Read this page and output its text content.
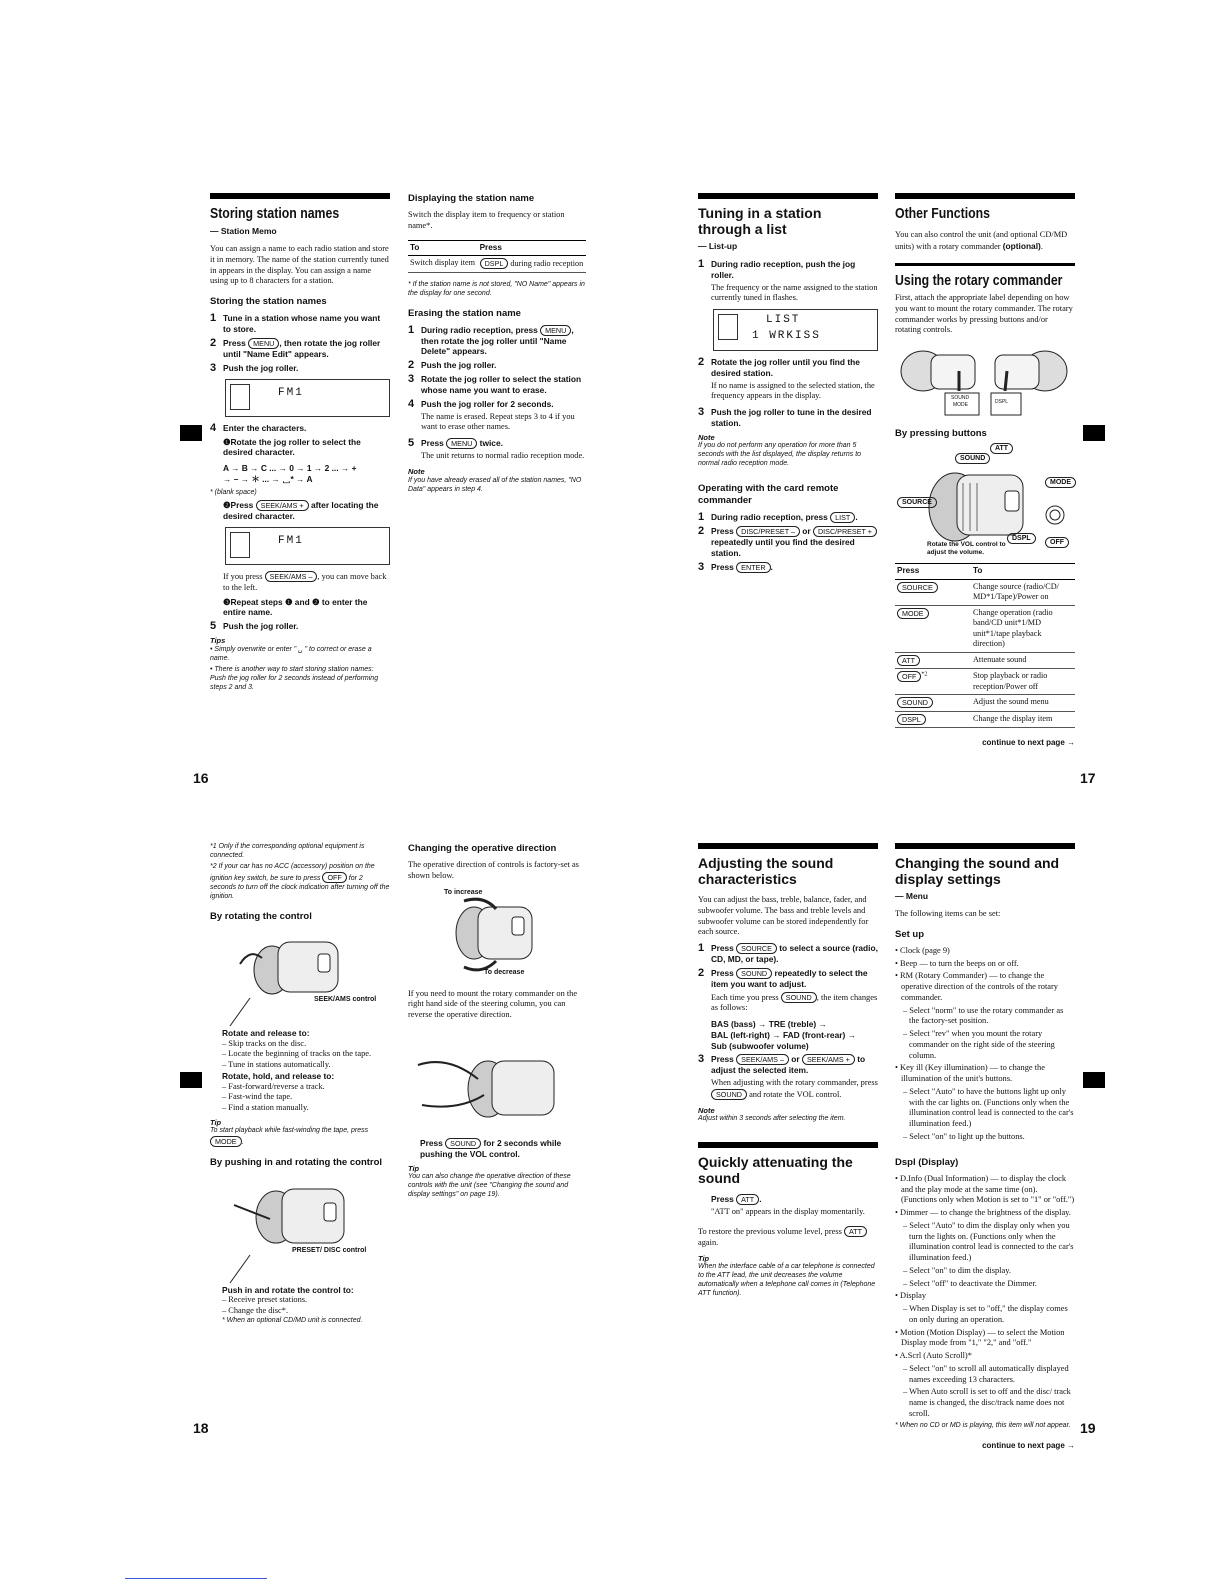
Storing station names
— Station Memo

You can assign a name to each radio station and store it in memory. The name of the station currently tuned in appears in the display. You can assign a name using up to 8 characters for a station.

Storing the station names
1 Tune in a station whose name you want to store.
2 Press MENU , then rotate the jog roller until "Name Edit" appears.
3 Push the jog roller.
FM1
4 Enter the characters.
❶Rotate the jog roller to select the desired character.
A → B → C ... → 0 → 1 → 2 ... → +
→ – → ＊ ... → ␣* → A
* (blank space)
❷Press SEEK/AMS + after locating the desired character.
FM1
If you press SEEK/AMS – , you can move back to the left.
❸Repeat steps ❶ and ❷ to enter the entire name.
5 Push the jog roller.
Tips

• Simply overwrite or enter " ␣ " to correct or erase a name.

• There is another way to start storing station names: Push the jog roller for 2 seconds instead of performing steps 2 and 3.

Displaying the station name

Switch the display item to frequency or station name*.

To	Press
Switch display item	DSPL during radio reception

* If the station name is not stored, "NO Name" appears in the display for one second.

Erasing the station name
1 During radio reception, press MENU , then rotate the jog roller until "Name Delete" appears.
2 Push the jog roller.
3 Rotate the jog roller to select the station whose name you want to erase.
4 Push the jog roller for 2 seconds.

The name is erased. Repeat steps 3 to 4 if you want to erase other names.

5 Press MENU twice.

The unit returns to normal radio reception mode.

Note

If you have already erased all of the station names, "NO Data" appears in step 4.

16
Tuning in a station through a list
— List-up
1 During radio reception, push the jog roller.

The frequency or the name assigned to the station currently tuned in flashes.

LIST
1 WRKISS
2 Rotate the jog roller until you find the desired station.

If no name is assigned to the selected station, the frequency appears in the display.

3 Push the jog roller to tune in the desired station.
Note

If you do not perform any operation for more than 5 seconds with the list displayed, the display returns to normal radio reception mode.

Operating with the card remote commander
1 During radio reception, press LIST .
2 Press DISC/PRESET – or DISC/PRESET + repeatedly until you find the desired station.
3 Press ENTER .
Other Functions

You can also control the unit (and optional CD/MD units) with a rotary commander (optional).

Using the rotary commander

First, attach the appropriate label depending on how you want to mount the rotary commander. The rotary commander works by pressing buttons and/or rotating controls.

SOUND
MODE	DSPL
By pressing buttons
ATT
SOUND
MODE
SOURCE
DSPL
OFF
Rotate the VOL control to adjust the volume.
Press	To
SOURCE	Change source (radio/CD/ MD*1/Tape)/Power on
MODE	Change operation (radio band/CD unit*1/MD unit*1/tape playback direction)
ATT	Attenuate sound
OFF $^{*2}$	Stop playback or radio reception/Power off
SOUND	Adjust the sound menu
DSPL	Change the display item
continue to next page →
17

*1 Only if the corresponding optional equipment is connected.

*2 If your car has no ACC (accessory) position on the ignition key switch, be sure to press OFF for 2 seconds to turn off the clock indication after turning off the ignition.

By rotating the control
SEEK/AMS control
Rotate and release to:
– Skip tracks on the disc.
– Locate the beginning of tracks on the tape.
– Tune in stations automatically.
Rotate, hold, and release to:
– Fast-forward/reverse a track.
– Fast-wind the tape.
– Find a station manually.
Tip

To start playback while fast-winding the tape, press MODE .

By pushing in and rotating the control
PRESET/ DISC control
Push in and rotate the control to:
– Receive preset stations.
– Change the disc*.
* When an optional CD/MD unit is connected.
Changing the operative direction

The operative direction of controls is factory-set as shown below.

To increase
To decrease

If you need to mount the rotary commander on the right hand side of the steering column, you can reverse the operative direction.

Press SOUND for 2 seconds while pushing the VOL control.
Tip

You can also change the operative direction of these controls with the unit (see "Changing the sound and display settings" on page 19).

18
Adjusting the sound characteristics

You can adjust the bass, treble, balance, fader, and subwoofer volume. The bass and treble levels and subwoofer volume can be stored independently for each source.

1 Press SOURCE to select a source (radio, CD, MD, or tape).
2 Press SOUND repeatedly to select the item you want to adjust.

Each time you press SOUND , the item changes as follows:

BAS (bass) → TRE (treble) →
BAL (left-right) → FAD (front-rear) →
Sub (subwoofer volume)
3 Press SEEK/AMS – or SEEK/AMS + to adjust the selected item.

When adjusting with the rotary commander, press SOUND and rotate the VOL control.

Note

Adjust within 3 seconds after selecting the item.

Quickly attenuating the sound
Press ATT .

"ATT on" appears in the display momentarily.

To restore the previous volume level, press ATT again.

Tip

When the interface cable of a car telephone is connected to the ATT lead, the unit decreases the volume automatically when a telephone call comes in (Telephone ATT function).

Changing the sound and display settings
— Menu

The following items can be set:

Set up
• Clock (page 9)
• Beep — to turn the beeps on or off.
• RM (Rotary Commander) — to change the operative direction of the controls of the rotary commander.
– Select "norm" to use the rotary commander as the factory-set position.
– Select "rev" when you mount the rotary commander on the right side of the steering column.
• Key ill (Key illumination) — to change the illumination of the unit's buttons.
– Select "Auto" to have the buttons light up only with the car lights on. (Functions only when the illumination control lead is connected to the car's illumination feed.)
– Select "on" to light up the buttons.
Dspl (Display)
• D.Info (Dual Information) — to display the clock and the play mode at the same time (on). (Functions only when Motion is set to "1" or "off.")
• Dimmer — to change the brightness of the display.
– Select "Auto" to dim the display only when you turn the lights on. (Functions only when the illumination control lead is connected to the car's illumination feed.)
– Select "on" to dim the display.
– Select "off" to deactivate the Dimmer.
• Display
– When Display is set to "off," the display comes on only during an operation.
• Motion (Motion Display) — to select the Motion Display mode from "1," "2," and "off."
• A.Scrl (Auto Scroll)*
– Select "on" to scroll all automatically displayed names exceeding 13 characters.
– When Auto scroll is set to off and the disc/ track name is changed, the disc/track name does not scroll.

* When no CD or MD is playing, this item will not appear.

continue to next page →
19
